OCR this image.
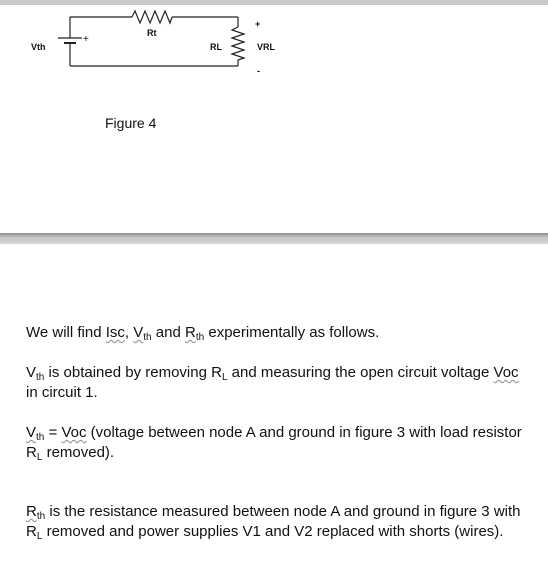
Vth
+
Rt
RL
+
VRL
-
Figure 4
We will find Isc, $V_{th}$ and $R_{th}$ experimentally as follows.
$V_{th}$ is obtained by removing $R_L$ and measuring the open circuit voltage Voc in circuit 1.
$V_{th}$ = Voc (voltage between node A and ground in figure 3 with load resistor $R_L$ removed).
$R_{th}$ is the resistance measured between node A and ground in figure 3 with $R_L$ removed and power supplies V1 and V2 replaced with shorts (wires).
